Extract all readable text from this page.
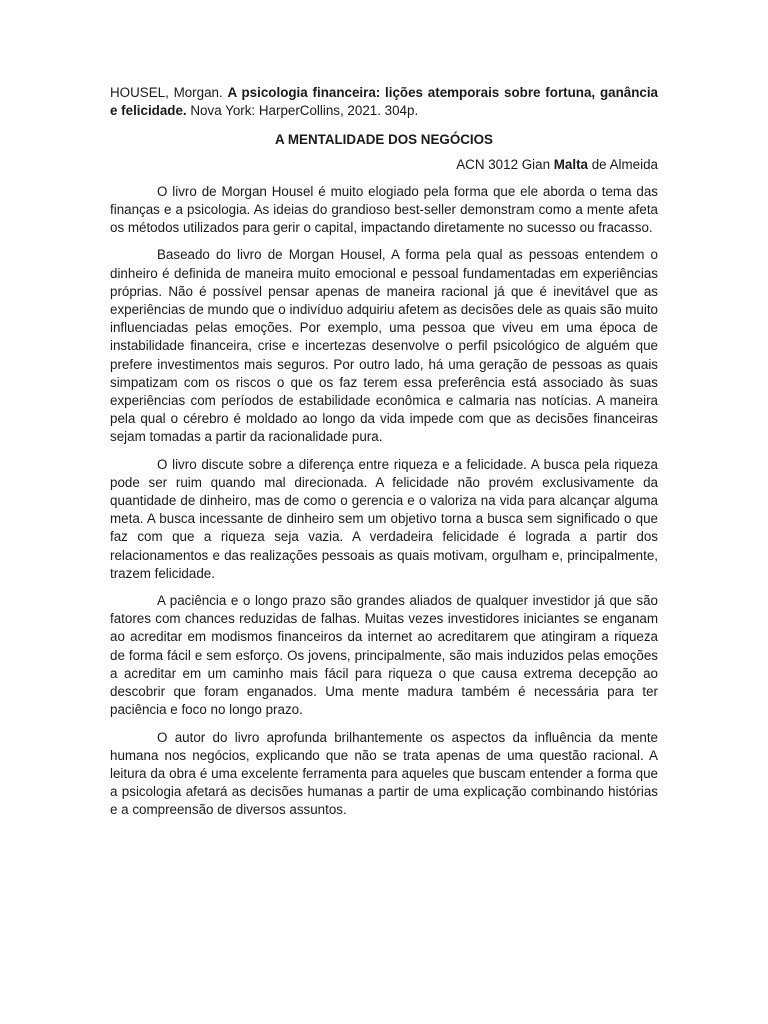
HOUSEL, Morgan. A psicologia financeira: lições atemporais sobre fortuna, ganância e felicidade. Nova York: HarperCollins, 2021. 304p.

A MENTALIDADE DOS NEGÓCIOS

ACN 3012 Gian Malta de Almeida

O livro de Morgan Housel é muito elogiado pela forma que ele aborda o tema das finanças e a psicologia. As ideias do grandioso best-seller demonstram como a mente afeta os métodos utilizados para gerir o capital, impactando diretamente no sucesso ou fracasso.

Baseado do livro de Morgan Housel, A forma pela qual as pessoas entendem o dinheiro é definida de maneira muito emocional e pessoal fundamentadas em experiências próprias. Não é possível pensar apenas de maneira racional já que é inevitável que as experiências de mundo que o indivíduo adquiriu afetem as decisões dele as quais são muito influenciadas pelas emoções. Por exemplo, uma pessoa que viveu em uma época de instabilidade financeira, crise e incertezas desenvolve o perfil psicológico de alguém que prefere investimentos mais seguros. Por outro lado, há uma geração de pessoas as quais simpatizam com os riscos o que os faz terem essa preferência está associado às suas experiências com períodos de estabilidade econômica e calmaria nas notícias. A maneira pela qual o cérebro é moldado ao longo da vida impede com que as decisões financeiras sejam tomadas a partir da racionalidade pura.

O livro discute sobre a diferença entre riqueza e a felicidade. A busca pela riqueza pode ser ruim quando mal direcionada. A felicidade não provém exclusivamente da quantidade de dinheiro, mas de como o gerencia e o valoriza na vida para alcançar alguma meta. A busca incessante de dinheiro sem um objetivo torna a busca sem significado o que faz com que a riqueza seja vazia. A verdadeira felicidade é lograda a partir dos relacionamentos e das realizações pessoais as quais motivam, orgulham e, principalmente, trazem felicidade.

A paciência e o longo prazo são grandes aliados de qualquer investidor já que são fatores com chances reduzidas de falhas. Muitas vezes investidores iniciantes se enganam ao acreditar em modismos financeiros da internet ao acreditarem que atingiram a riqueza de forma fácil e sem esforço. Os jovens, principalmente, são mais induzidos pelas emoções a acreditar em um caminho mais fácil para riqueza o que causa extrema decepção ao descobrir que foram enganados. Uma mente madura também é necessária para ter paciência e foco no longo prazo.

O autor do livro aprofunda brilhantemente os aspectos da influência da mente humana nos negócios, explicando que não se trata apenas de uma questão racional. A leitura da obra é uma excelente ferramenta para aqueles que buscam entender a forma que a psicologia afetará as decisões humanas a partir de uma explicação combinando histórias e a compreensão de diversos assuntos.
